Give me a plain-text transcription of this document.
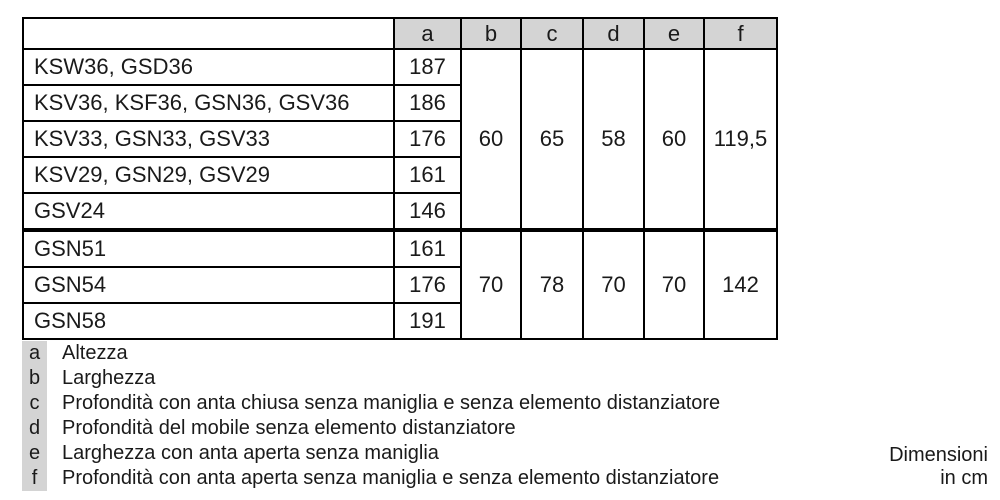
	a	b	c	d	e	f
KSW36, GSD36	187	60	65	58	60	119,5
KSV36, KSF36, GSN36, GSV36	186					
KSV33, GSN33, GSV33	176					
KSV29, GSN29, GSV29	161					
GSV24	146					
GSN51	161	70	78	70	70	142
GSN54	176					
GSN58	191					
a	Altezza
b	Larghezza
c	Profondità con anta chiusa senza maniglia e senza elemento distanziatore
d	Profondità del mobile senza elemento distanziatore
e	Larghezza con anta aperta senza maniglia
f	Profondità con anta aperta senza maniglia e senza elemento distanziatore
Dimensioni
in cm
